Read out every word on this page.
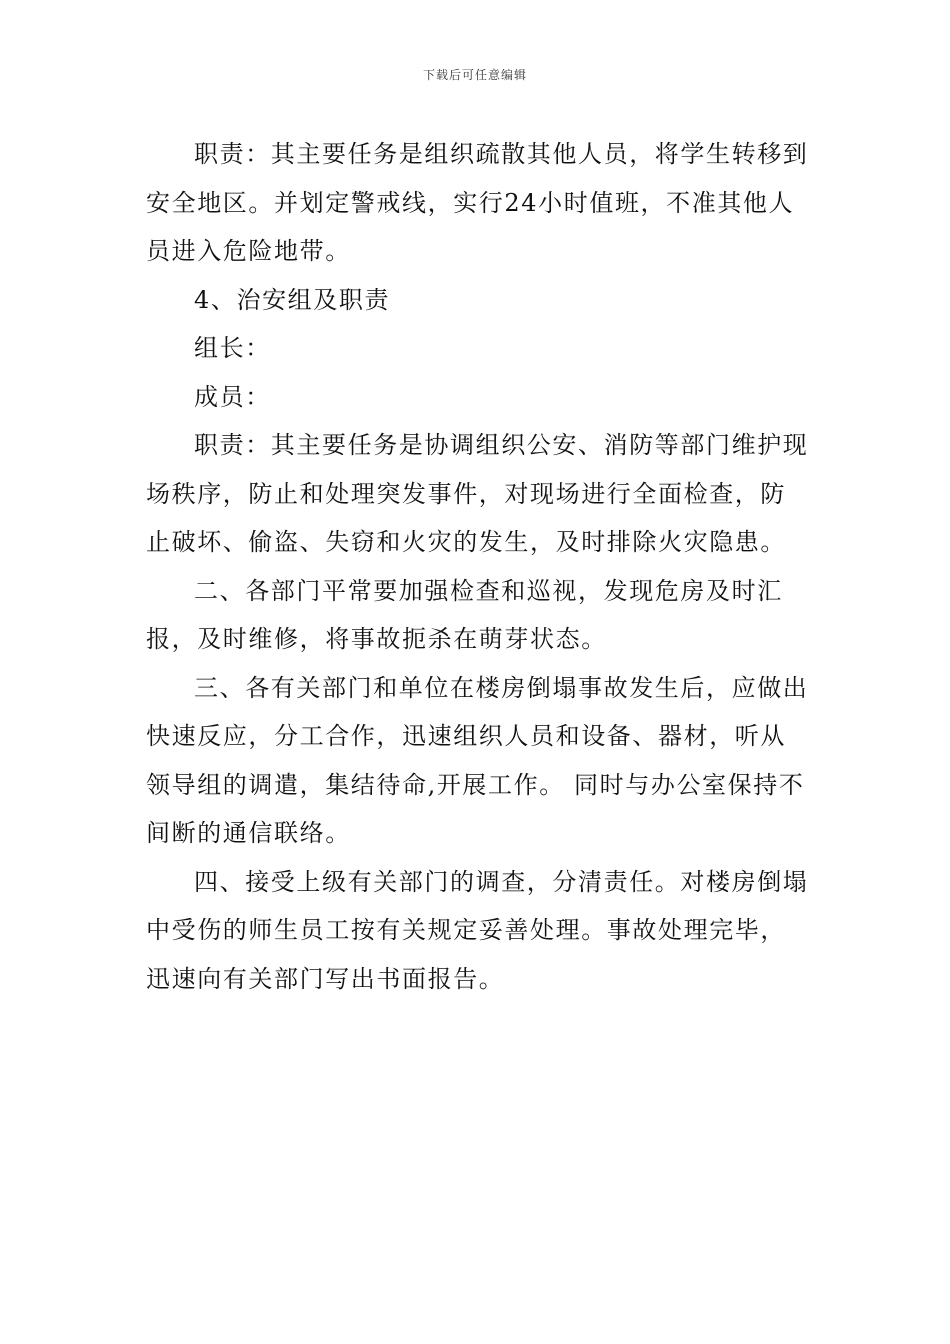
下载后可任意编辑

职责：其主要任务是组织疏散其他人员，将学生转移到安全地区。并划定警戒线，实行24小时值班，不准其他人员进入危险地带。

4、治安组及职责

组长：

成员：

职责：其主要任务是协调组织公安、消防等部门维护现场秩序，防止和处理突发事件，对现场进行全面检查，防止破坏、偷盗、失窃和火灾的发生，及时排除火灾隐患。

二、各部门平常要加强检查和巡视，发现危房及时汇报，及时维修，将事故扼杀在萌芽状态。

三、各有关部门和单位在楼房倒塌事故发生后，应做出快速反应，分工合作，迅速组织人员和设备、器材，听从领导组的调遣，集结待命,开展工作。 同时与办公室保持不间断的通信联络。

四、接受上级有关部门的调查，分清责任。对楼房倒塌中受伤的师生员工按有关规定妥善处理。事故处理完毕，迅速向有关部门写出书面报告。
